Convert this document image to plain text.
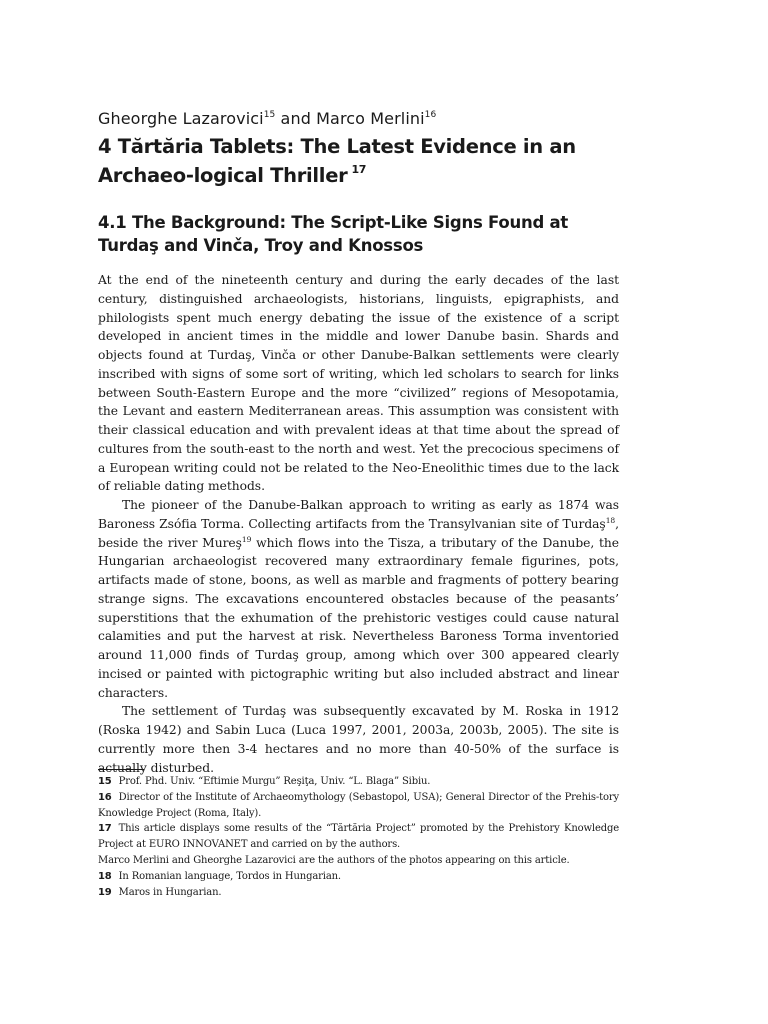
Gheorghe Lazarovici$^{15}$ and Marco Merlini$^{16}$
4 Tărtăria Tablets: The Latest Evidence in an Archaeo-logical Thriller $^{17}$
4.1 The Background: The Script-Like Signs Found at Turdaş and Vinča, Troy and Knossos

At the end of the nineteenth century and during the early decades of the last century, distinguished archaeologists, historians, linguists, epigraphists, and philologists spent much energy debating the issue of the existence of a script developed in ancient times in the middle and lower Danube basin. Shards and objects found at Turdaş, Vinča or other Danube-Balkan settlements were clearly inscribed with signs of some sort of writing, which led scholars to search for links between South-Eastern Europe and the more “civilized” regions of Mesopotamia, the Levant and eastern Mediterranean areas. This assumption was consistent with their classical education and with prevalent ideas at that time about the spread of cultures from the south-east to the north and west. Yet the precocious specimens of a European writing could not be related to the Neo-Eneolithic times due to the lack of reliable dating methods.

The pioneer of the Danube-Balkan approach to writing as early as 1874 was Baroness Zsófia Torma. Collecting artifacts from the Transylvanian site of Turdaş$^{18}$, beside the river Mureş$^{19}$ which flows into the Tisza, a tributary of the Danube, the Hungarian archaeologist recovered many extraordinary female figurines, pots, artifacts made of stone, boons, as well as marble and fragments of pottery bearing strange signs. The excavations encountered obstacles because of the peasants’ superstitions that the exhumation of the prehistoric vestiges could cause natural calamities and put the harvest at risk. Nevertheless Baroness Torma inventoried around 11,000 finds of Turdaş group, among which over 300 appeared clearly incised or painted with pictographic writing but also included abstract and linear characters.

The settlement of Turdaş was subsequently excavated by M. Roska in 1912 (Roska 1942) and Sabin Luca (Luca 1997, 2001, 2003a, 2003b, 2005). The site is currently more then 3-4 hectares and no more than 40-50% of the surface is actually disturbed.

15 Prof. Phd. Univ. “Eftimie Murgu” Reşiţa, Univ. “L. Blaga” Sibiu.

16 Director of the Institute of Archaeomythology (Sebastopol, USA); General Director of the Prehis-tory Knowledge Project (Roma, Italy).

17 This article displays some results of the “Tărtăria Project” promoted by the Prehistory Knowledge Project at EURO INNOVANET and carried on by the authors.

Marco Merlini and Gheorghe Lazarovici are the authors of the photos appearing on this article.

18 In Romanian language, Tordos in Hungarian.

19 Maros in Hungarian.
